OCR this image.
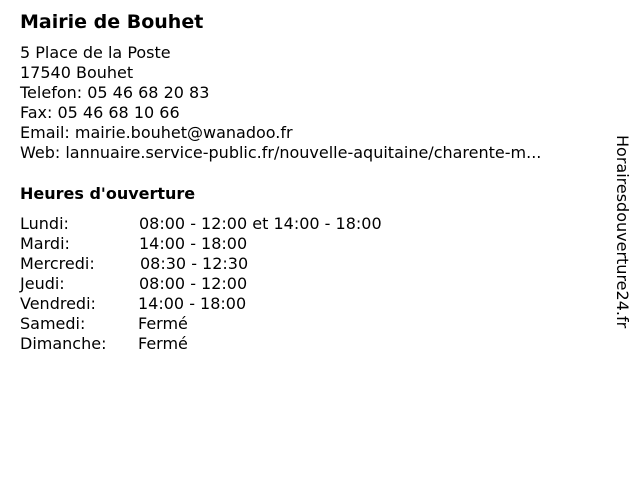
Mairie de Bouhet
5 Place de la Poste
17540 Bouhet
Telefon: 05 46 68 20 83
Fax: 05 46 68 10 66
Email: mairie.bouhet@wanadoo.fr
Web: lannuaire.service-public.fr/nouvelle-aquitaine/charente-m...
Heures d'ouverture
Lundi:	08:00 - 12:00 et 14:00 - 18:00
Mardi:	14:00 - 18:00
Mercredi:	08:30 - 12:30
Jeudi:	08:00 - 12:00
Vendredi:	14:00 - 18:00
Samedi:	Fermé
Dimanche: Fermé
Horairesdouverture24.fr
